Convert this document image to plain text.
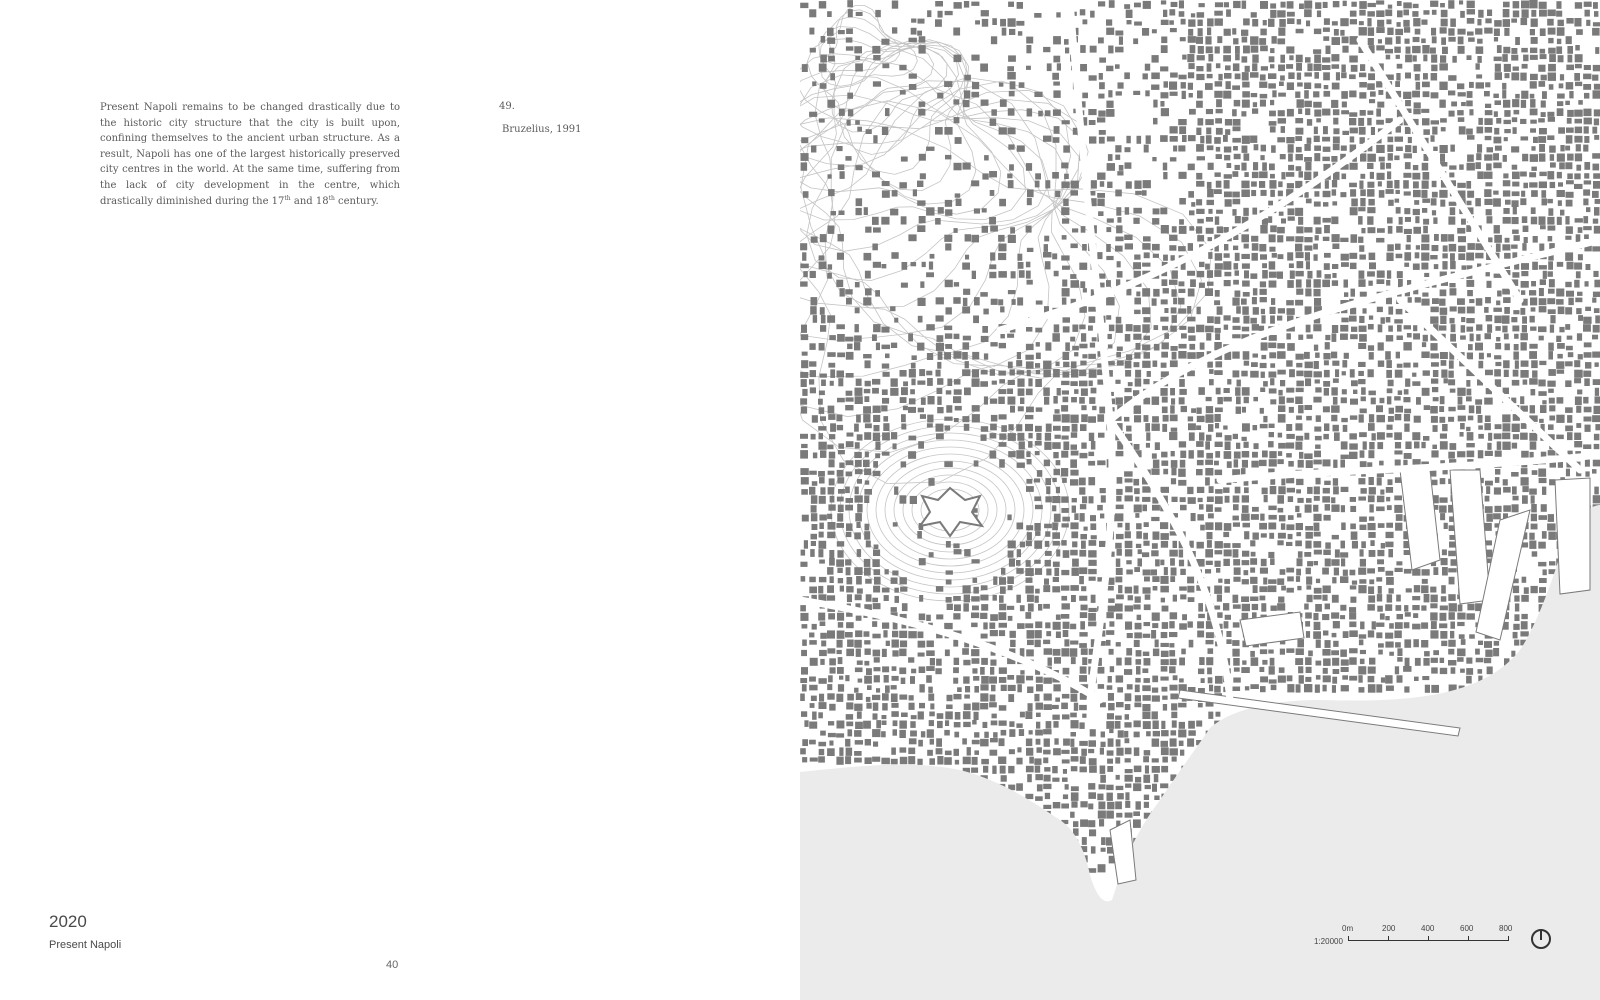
Present Napoli remains to be changed drastically due to the historic city structure that the city is built upon, confining themselves to the ancient urban structure. As a result, Napoli has one of the largest historically preserved city centres in the world. At the same time, suffering from the lack of city development in the centre, which drastically diminished during the 17th and 18th century.

49.
Bruzelius, 1991
2020
Present Napoli
40
0m	200	400	600	800
1:20000
